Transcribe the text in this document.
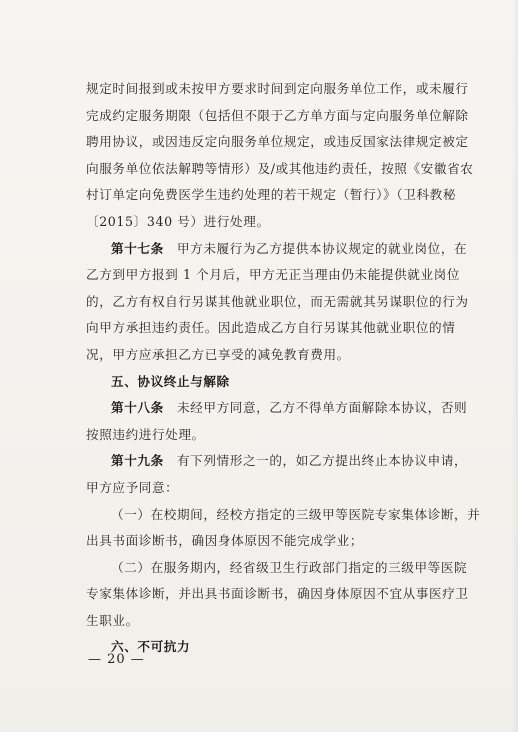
规定时间报到或未按甲方要求时间到定向服务单位工作，或未履行
完成约定服务期限（包括但不限于乙方单方面与定向服务单位解除
聘用协议，或因违反定向服务单位规定，或违反国家法律规定被定
向服务单位依法解聘等情形）及/或其他违约责任，按照《安徽省农
村订单定向免费医学生违约处理的若干规定（暂行）》（卫科教秘
〔2015〕340 号）进行处理。
第十七条　甲方未履行为乙方提供本协议规定的就业岗位，在
乙方到甲方报到 1 个月后，甲方无正当理由仍未能提供就业岗位
的，乙方有权自行另谋其他就业职位，而无需就其另谋职位的行为
向甲方承担违约责任。因此造成乙方自行另谋其他就业职位的情
况，甲方应承担乙方已享受的减免教育费用。
五、协议终止与解除
第十八条　未经甲方同意，乙方不得单方面解除本协议，否则
按照违约进行处理。
第十九条　有下列情形之一的，如乙方提出终止本协议申请，
甲方应予同意：
（一）在校期间，经校方指定的三级甲等医院专家集体诊断，并
出具书面诊断书，确因身体原因不能完成学业；
（二）在服务期内，经省级卫生行政部门指定的三级甲等医院
专家集体诊断，并出具书面诊断书，确因身体原因不宜从事医疗卫
生职业。
六、不可抗力
— 20 —
